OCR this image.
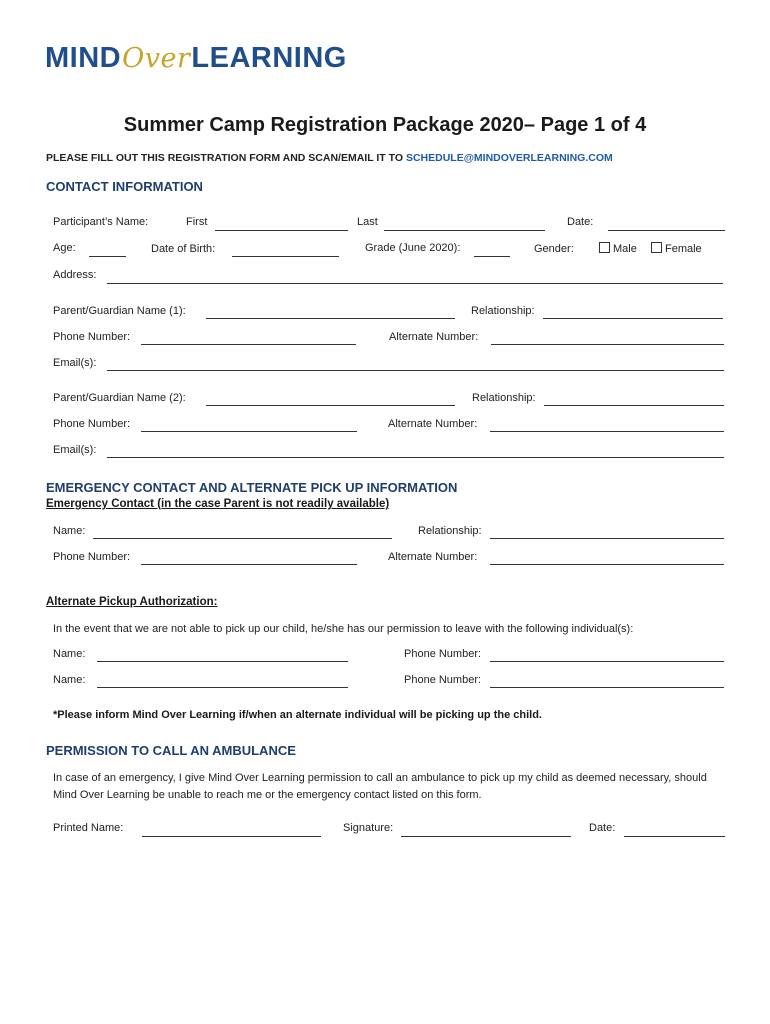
MINDOverLEARNING
Summer Camp Registration Package 2020– Page 1 of 4
PLEASE FILL OUT THIS REGISTRATION FORM AND SCAN/EMAIL IT TO SCHEDULE@MINDOVERLEARNING.COM
CONTACT INFORMATION
Participant’s Name:	First	Last	Date:
Age:	Date of Birth:	Grade (June 2020):	Gender:	Male	Female
Address:
Parent/Guardian Name (1):	Relationship:
Phone Number:	Alternate Number:
Email(s):
Parent/Guardian Name (2):	Relationship:
Phone Number:	Alternate Number:
Email(s):
EMERGENCY CONTACT AND ALTERNATE PICK UP INFORMATION
Emergency Contact (in the case Parent is not readily available)
Name:	Relationship:
Phone Number:	Alternate Number:
Alternate Pickup Authorization:
In the event that we are not able to pick up our child, he/she has our permission to leave with the following individual(s):
Name:	Phone Number:
Name:	Phone Number:
*Please inform Mind Over Learning if/when an alternate individual will be picking up the child.
PERMISSION TO CALL AN AMBULANCE
In case of an emergency, I give Mind Over Learning permission to call an ambulance to pick up my child as deemed necessary, should Mind Over Learning be unable to reach me or the emergency contact listed on this form.
Printed Name:	Signature:	Date:
